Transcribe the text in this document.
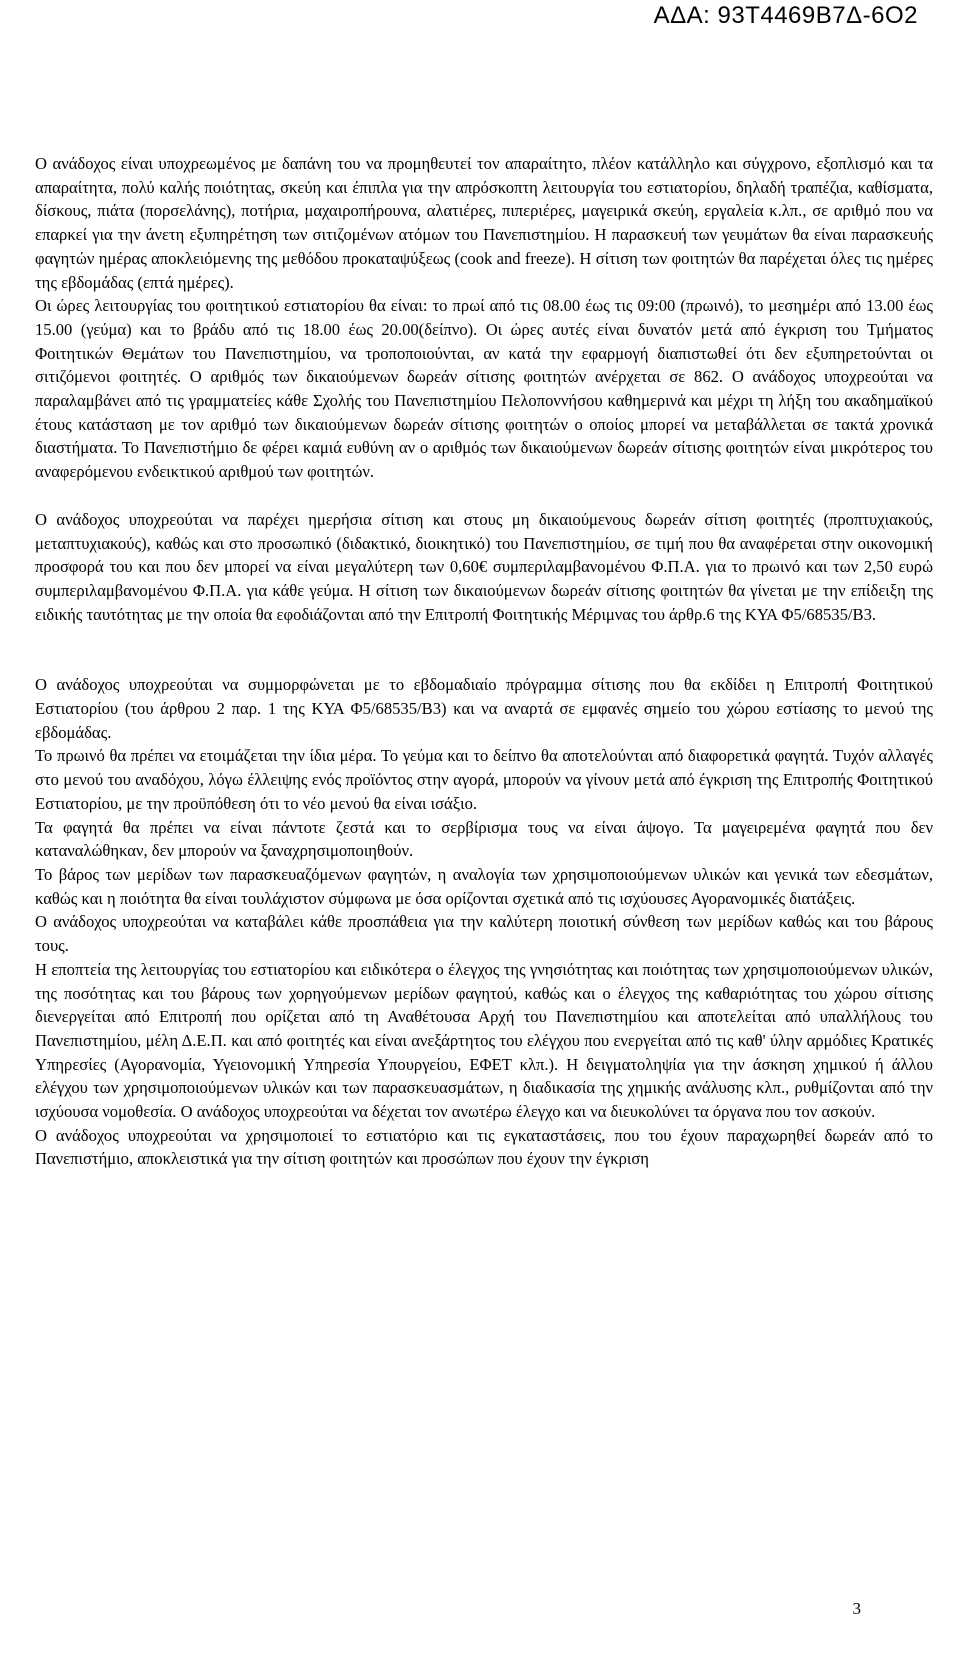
ΑΔΑ: 93Τ4469Β7Δ-6Ο2

Ο ανάδοχος είναι υποχρεωμένος με δαπάνη του να προμηθευτεί τον απαραίτητο, πλέον κατάλληλο και σύγχρονο, εξοπλισμό και τα απαραίτητα, πολύ καλής ποιότητας, σκεύη και έπιπλα για την απρόσκοπτη λειτουργία του εστιατορίου, δηλαδή τραπέζια, καθίσματα, δίσκους, πιάτα (πορσελάνης), ποτήρια, μαχαιροπήρουνα, αλατιέρες, πιπεριέρες, μαγειρικά σκεύη, εργαλεία κ.λπ., σε αριθμό που να επαρκεί για την άνετη εξυπηρέτηση των σιτιζομένων ατόμων του Πανεπιστημίου. Η παρασκευή των γευμάτων θα είναι παρασκευής φαγητών ημέρας αποκλειόμενης της μεθόδου προκαταψύξεως (cook and freeze). Η σίτιση των φοιτητών θα παρέχεται όλες τις ημέρες της εβδομάδας (επτά ημέρες).

Οι ώρες λειτουργίας του φοιτητικού εστιατορίου θα είναι: το πρωί από τις 08.00 έως τις 09:00 (πρωινό), το μεσημέρι από 13.00 έως 15.00 (γεύμα) και το βράδυ από τις 18.00 έως 20.00(δείπνο). Οι ώρες αυτές είναι δυνατόν μετά από έγκριση του Τμήματος Φοιτητικών Θεμάτων του Πανεπιστημίου, να τροποποιούνται, αν κατά την εφαρμογή διαπιστωθεί ότι δεν εξυπηρετούνται οι σιτιζόμενοι φοιτητές. Ο αριθμός των δικαιούμενων δωρεάν σίτισης φοιτητών ανέρχεται σε 862. Ο ανάδοχος υποχρεούται να παραλαμβάνει από τις γραμματείες κάθε Σχολής του Πανεπιστημίου Πελοποννήσου καθημερινά και μέχρι τη λήξη του ακαδημαϊκού έτους κατάσταση με τον αριθμό των δικαιούμενων δωρεάν σίτισης φοιτητών ο οποίος μπορεί να μεταβάλλεται σε τακτά χρονικά διαστήματα. Το Πανεπιστήμιο δε φέρει καμιά ευθύνη αν ο αριθμός των δικαιούμενων δωρεάν σίτισης φοιτητών είναι μικρότερος του αναφερόμενου ενδεικτικού αριθμού των φοιτητών.

Ο ανάδοχος υποχρεούται να παρέχει ημερήσια σίτιση και στους μη δικαιούμενους δωρεάν σίτιση φοιτητές (προπτυχιακούς, μεταπτυχιακούς), καθώς και στο προσωπικό (διδακτικό, διοικητικό) του Πανεπιστημίου, σε τιμή που θα αναφέρεται στην οικονομική προσφορά του και που δεν μπορεί να είναι μεγαλύτερη των 0,60€ συμπεριλαμβανομένου Φ.Π.Α. για το πρωινό και των 2,50 ευρώ συμπεριλαμβανομένου Φ.Π.Α. για κάθε γεύμα. Η σίτιση των δικαιούμενων δωρεάν σίτισης φοιτητών θα γίνεται με την επίδειξη της ειδικής ταυτότητας με την οποία θα εφοδιάζονται από την Επιτροπή Φοιτητικής Μέριμνας του άρθρ.6 της ΚΥΑ Φ5/68535/Β3.

Ο ανάδοχος υποχρεούται να συμμορφώνεται με το εβδομαδιαίο πρόγραμμα σίτισης που θα εκδίδει η Επιτροπή Φοιτητικού Εστιατορίου (του άρθρου 2 παρ. 1 της ΚΥΑ Φ5/68535/Β3) και να αναρτά σε εμφανές σημείο του χώρου εστίασης το μενού της εβδομάδας.

Το πρωινό θα πρέπει να ετοιμάζεται την ίδια μέρα. Το γεύμα και το δείπνο θα αποτελούνται από διαφορετικά φαγητά. Τυχόν αλλαγές στο μενού του αναδόχου, λόγω έλλειψης ενός προϊόντος στην αγορά, μπορούν να γίνουν μετά από έγκριση της Επιτροπής Φοιτητικού Εστιατορίου, με την προϋπόθεση ότι το νέο μενού θα είναι ισάξιο.

Τα φαγητά θα πρέπει να είναι πάντοτε ζεστά και το σερβίρισμα τους να είναι άψογο. Τα μαγειρεμένα φαγητά που δεν καταναλώθηκαν, δεν μπορούν να ξαναχρησιμοποιηθούν.

Το βάρος των μερίδων των παρασκευαζόμενων φαγητών, η αναλογία των χρησιμοποιούμενων υλικών και γενικά των εδεσμάτων, καθώς και η ποιότητα θα είναι τουλάχιστον σύμφωνα με όσα ορίζονται σχετικά από τις ισχύουσες Αγορανομικές διατάξεις.

Ο ανάδοχος υποχρεούται να καταβάλει κάθε προσπάθεια για την καλύτερη ποιοτική σύνθεση των μερίδων καθώς και του βάρους τους.

Η εποπτεία της λειτουργίας του εστιατορίου και ειδικότερα ο έλεγχος της γνησιότητας και ποιότητας των χρησιμοποιούμενων υλικών, της ποσότητας και του βάρους των χορηγούμενων μερίδων φαγητού, καθώς και ο έλεγχος της καθαριότητας του χώρου σίτισης διενεργείται από Επιτροπή που ορίζεται από τη Αναθέτουσα Αρχή του Πανεπιστημίου και αποτελείται από υπαλλήλους του Πανεπιστημίου, μέλη Δ.Ε.Π. και από φοιτητές και είναι ανεξάρτητος του ελέγχου που ενεργείται από τις καθ' ύλην αρμόδιες Κρατικές Υπηρεσίες (Αγορανομία, Υγειονομική Υπηρεσία Υπουργείου, ΕΦΕΤ κλπ.). Η δειγματοληψία για την άσκηση χημικού ή άλλου ελέγχου των χρησιμοποιούμενων υλικών και των παρασκευασμάτων, η διαδικασία της χημικής ανάλυσης κλπ., ρυθμίζονται από την ισχύουσα νομοθεσία. Ο ανάδοχος υποχρεούται να δέχεται τον ανωτέρω έλεγχο και να διευκολύνει τα όργανα που τον ασκούν.

Ο ανάδοχος υποχρεούται να χρησιμοποιεί το εστιατόριο και τις εγκαταστάσεις, που του έχουν παραχωρηθεί δωρεάν από το Πανεπιστήμιο, αποκλειστικά για την σίτιση φοιτητών και προσώπων που έχουν την έγκριση

3
